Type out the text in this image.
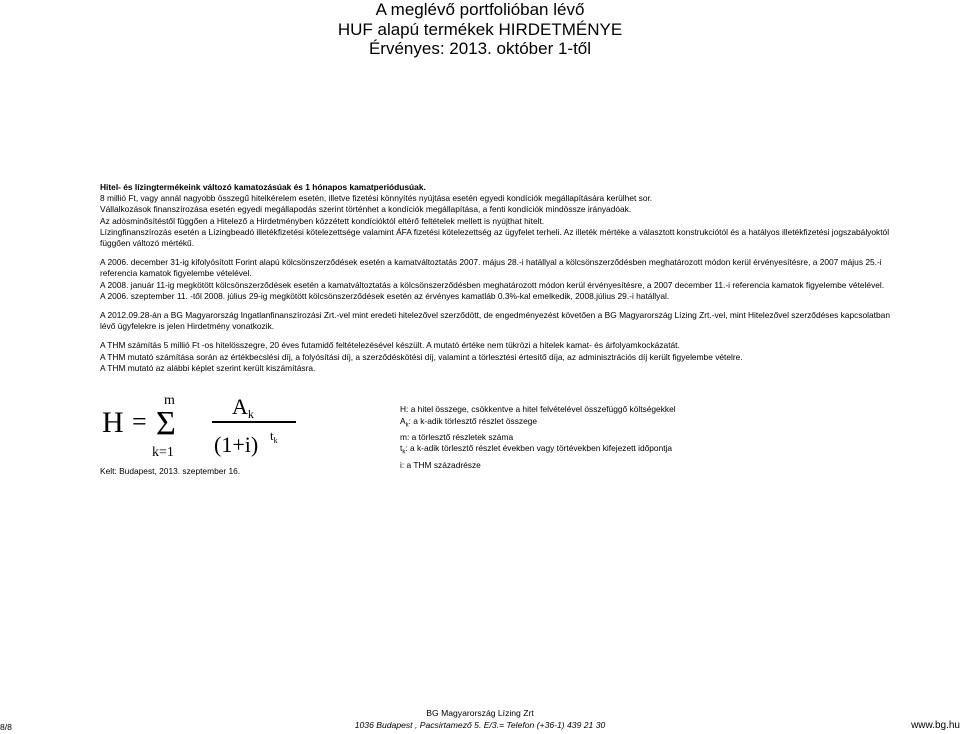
A meglévő portfolióban lévő
HUF alapú termékek HIRDETMÉNYE
Érvényes: 2013. október 1-től

Hitel- és lízingtermékeink változó kamatozásúak és 1 hónapos kamatperiódusúak.

8 millió Ft, vagy annál nagyobb összegű hitelkérelem esetén, illetve fizetési könnyítés nyújtása esetén egyedi kondíciók megállapítására kerülhet sor.

Vállalkozások finanszírozása esetén egyedi megállapodás szerint történhet a kondíciók megállapítása, a fenti kondíciók mindössze irányadóak.

Az adósminősítéstől függően a Hitelező a Hirdetményben közzétett kondícióktól eltérő feltételek mellett is nyújthat hitelt.

Lízingfinanszírozás esetén a Lízingbeadó illetékfizetési kötelezettsége valamint ÁFA fizetési kötelezettség az ügyfelet terheli. Az illeték mértéke a választott konstrukciótól és a hatályos illetékfizetési jogszabályoktól függően változó mértékű.

A 2006. december 31-ig kifolyósított Forint alapú kölcsönszerződések esetén a kamatváltoztatás 2007. május 28.-i hatállyal a kölcsönszerződésben meghatározott módon kerül érvényesítésre, a 2007 május 25.-i referencia kamatok figyelembe vételével.

A 2008. január 11-ig megkötött kölcsönszerződések esetén a kamatváltoztatás a kölcsönszerződésben meghatározott módon kerül érvényesítésre, a 2007 december 11.-i referencia kamatok figyelembe vételével.

A 2006. szeptember 11. -től 2008. július 29-ig megkötött kölcsönszerződések esetén az érvényes kamatláb 0.3%-kal emelkedik, 2008.július 29.-i hatállyal.

A 2012.09.28-án a BG Magyarország Ingatlanfinanszírozási Zrt.-vel mint eredeti hitelezővel szerződött, de engedményezést követően a BG Magyarország Lízing Zrt.-vel, mint Hitelezővel szerződéses kapcsolatban lévő ügyfelekre is jelen Hirdetmény vonatkozik.

A THM számítás 5 millió Ft -os hitelösszegre, 20 éves futamidő feltételezésével készült. A mutató értéke nem tükrözi a hitelek kamat- és árfolyamkockázatát.

A THM mutató számítása során az értékbecslési díj, a folyósítási díj, a szerződéskötési díj, valamint a törlesztési értesítő díja, az adminisztrációs díj került figyelembe vételre.

A THM mutató az alábbi képlet szerint került kiszámításra.

H =
m
Σ
k=1
Ak
(1+i) $t_k$
Kelt: Budapest, 2013. szeptember 16.

H: a hitel összege, csökkentve a hitel felvételével összefüggő költségekkel

$A_k$: a k-adik törlesztő részlet összege

m: a törlesztő részletek száma

$t_k$: a k-adik törlesztő részlet években vagy törtévekben kifejezett időpontja

i: a THM századrésze

8/8
BG Magyarország Lízing Zrt
1036 Budapest , Pacsirtamező 5. E/3.= Telefon (+36-1) 439 21 30	www.bg.hu
